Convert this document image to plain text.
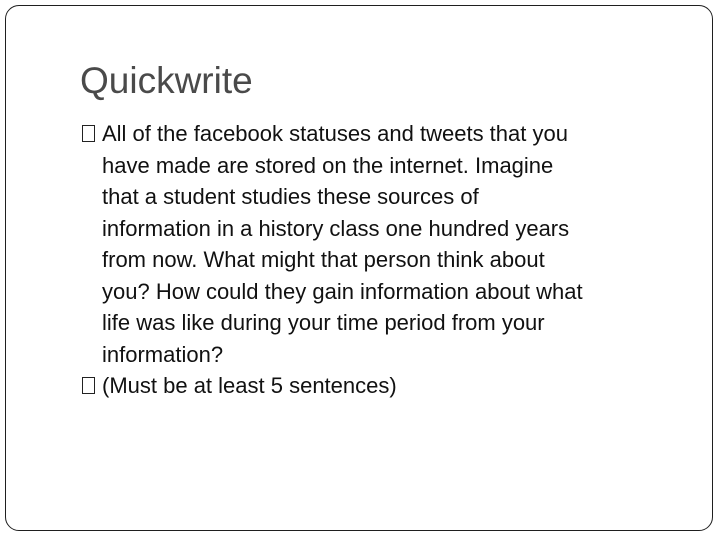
Quickwrite
All of the facebook statuses and tweets that you
have made are stored on the internet. Imagine
that a student studies these sources of
information in a history class one hundred years
from now. What might that person think about
you? How could they gain information about what
life was like during your time period from your
information?
(Must be at least 5 sentences)
